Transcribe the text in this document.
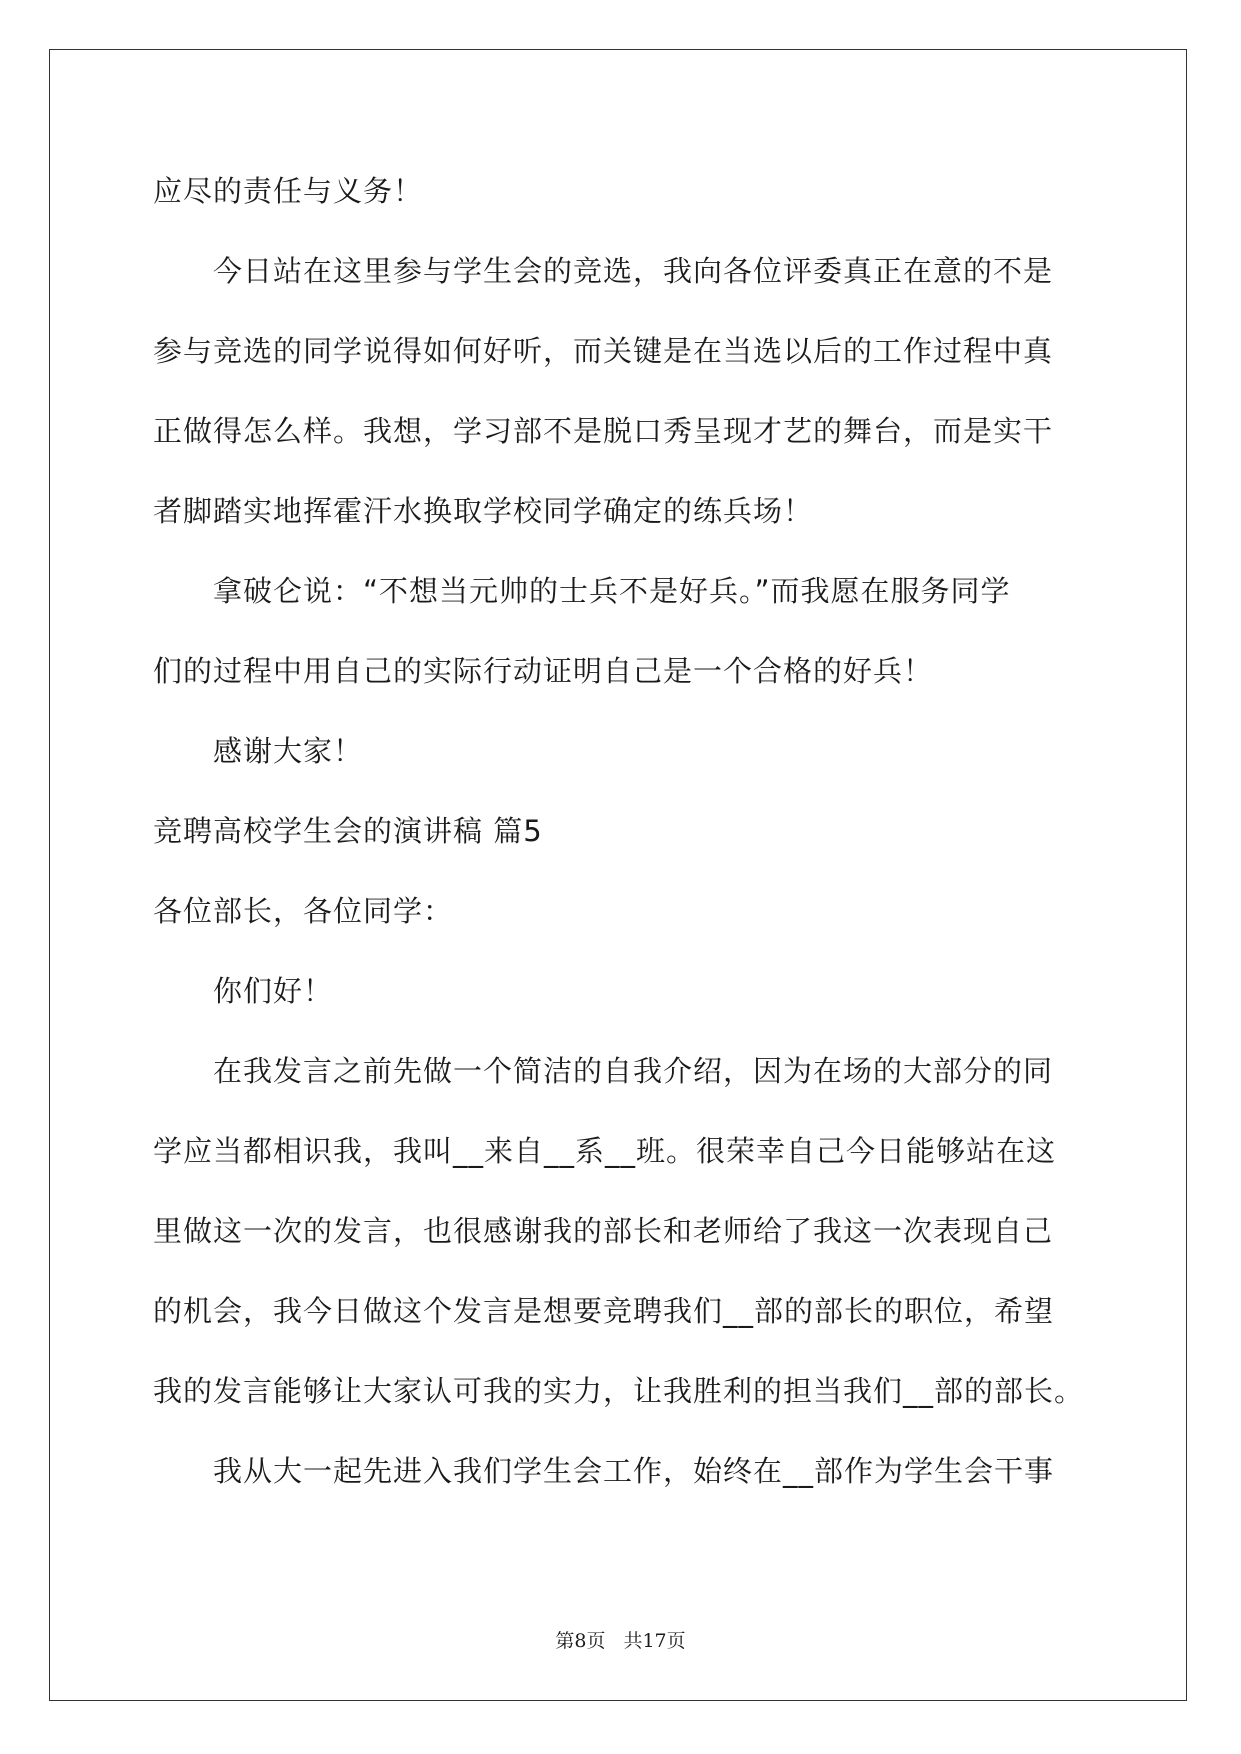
应尽的责任与义务！
今日站在这里参与学生会的竞选，我向各位评委真正在意的不是
参与竞选的同学说得如何好听，而关键是在当选以后的工作过程中真
正做得怎么样。我想，学习部不是脱口秀呈现才艺的舞台，而是实干
者脚踏实地挥霍汗水换取学校同学确定的练兵场！
拿破仑说：“不想当元帅的士兵不是好兵。”而我愿在服务同学
们的过程中用自己的实际行动证明自己是一个合格的好兵！
感谢大家！
竞聘高校学生会的演讲稿 篇5
各位部长，各位同学：
你们好！
在我发言之前先做一个简洁的自我介绍，因为在场的大部分的同
学应当都相识我，我叫__来自__系__班。很荣幸自己今日能够站在这
里做这一次的发言，也很感谢我的部长和老师给了我这一次表现自己
的机会，我今日做这个发言是想要竞聘我们__部的部长的职位，希望
我的发言能够让大家认可我的实力，让我胜利的担当我们__部的部长。
我从大一起先进入我们学生会工作，始终在__部作为学生会干事
第8页 共17页
